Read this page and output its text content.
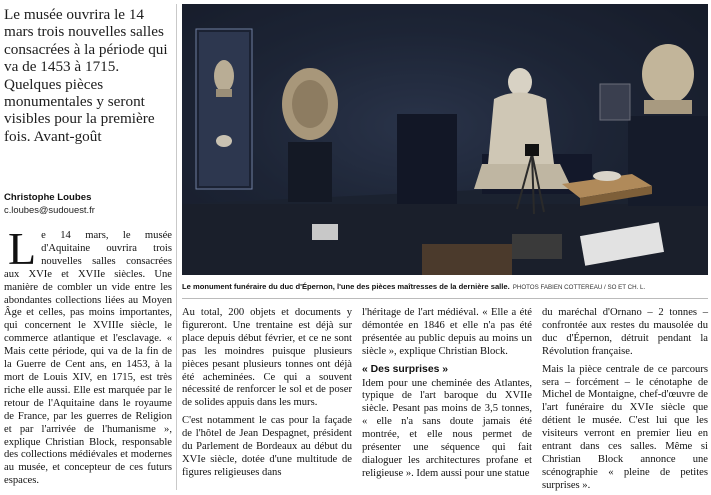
Le musée ouvrira le 14 mars trois nouvelles salles consacrées à la période qui va de 1453 à 1715. Quelques pièces monumentales y seront visibles pour la première fois. Avant-goût
Christophe Loubes
c.loubes@sudouest.fr

Le 14 mars, le musée d'Aquitaine ouvrira trois nouvelles salles consacrées aux XVIe et XVIIe siècles. Une manière de combler un vide entre les abondantes collections liées au Moyen Âge et celles, pas moins importantes, qui concernent le XVIIIe siècle, le commerce atlantique et l'esclavage. « Mais cette période, qui va de la fin de la Guerre de Cent ans, en 1453, à la mort de Louis XIV, en 1715, est très riche elle aussi. Elle est marquée par le retour de l'Aquitaine dans le royaume de France, par les guerres de Religion et par l'arrivée de l'humanisme », explique Christian Block, responsable des collections médiévales et modernes au musée, et concepteur de ces futurs espaces.

Le monument funéraire du duc d'Épernon, l'une des pièces maîtresses de la dernière salle. PHOTOS FABIEN COTTEREAU / SO ET CH. L.

Au total, 200 objets et documents y figureront. Une trentaine est déjà sur place depuis début février, et ce ne sont pas les moindres puisque plusieurs pièces pesant plusieurs tonnes ont déjà été acheminées. Ce qui a souvent nécessité de renforcer le sol et de poser de solides appuis dans les murs.

C'est notamment le cas pour la façade de l'hôtel de Jean Despagnet, président du Parlement de Bordeaux au début du XVIe siècle, dotée d'une multitude de figures religieuses dans

l'héritage de l'art médiéval. « Elle a été démontée en 1846 et elle n'a pas été présentée au public depuis au moins un siècle », explique Christian Block.

« Des surprises »

Idem pour une cheminée des Atlantes, typique de l'art baroque du XVIIe siècle. Pesant pas moins de 3,5 tonnes, « elle n'a sans doute jamais été montrée, et elle nous permet de présenter une séquence qui fait dialoguer les architectures profane et religieuse ». Idem aussi pour une statue

du maréchal d'Ornano – 2 tonnes – confrontée aux restes du mausolée du duc d'Épernon, détruit pendant la Révolution française.

Mais la pièce centrale de ce parcours sera – forcément – le cénotaphe de Michel de Montaigne, chef-d'œuvre de l'art funéraire du XVIe siècle que détient le musée. C'est lui que les visiteurs verront en premier lieu en entrant dans ces salles. Même si Christian Block annonce une scénographie « pleine de petites surprises ».
